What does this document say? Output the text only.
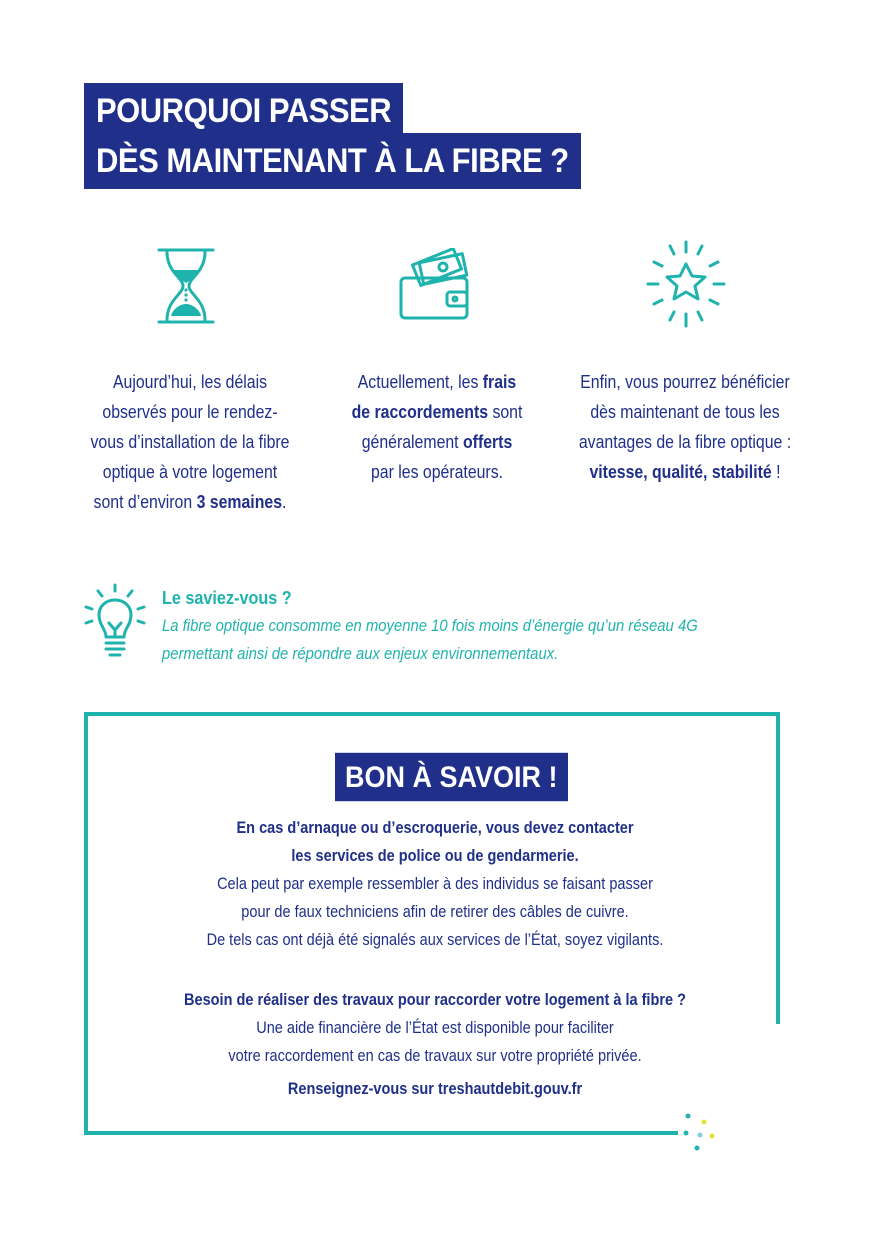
POURQUOI PASSER
DÈS MAINTENANT À LA FIBRE ?
Aujourd’hui, les délais
observés pour le rendez-
vous d’installation de la fibre
optique à votre logement
sont d’environ 3 semaines.
Actuellement, les frais
de raccordements sont
généralement offerts
par les opérateurs.
Enfin, vous pourrez bénéficier
dès maintenant de tous les
avantages de la fibre optique :
vitesse, qualité, stabilité !
Le saviez-vous ?
La fibre optique consomme en moyenne 10 fois moins d’énergie qu’un réseau 4G
permettant ainsi de répondre aux enjeux environnementaux.
BON À SAVOIR !
En cas d’arnaque ou d’escroquerie, vous devez contacter
les services de police ou de gendarmerie.
Cela peut par exemple ressembler à des individus se faisant passer
pour de faux techniciens afin de retirer des câbles de cuivre.
De tels cas ont déjà été signalés aux services de l’État, soyez vigilants.
Besoin de réaliser des travaux pour raccorder votre logement à la fibre ?
Une aide financière de l’État est disponible pour faciliter
votre raccordement en cas de travaux sur votre propriété privée.
Renseignez-vous sur treshautdebit.gouv.fr
